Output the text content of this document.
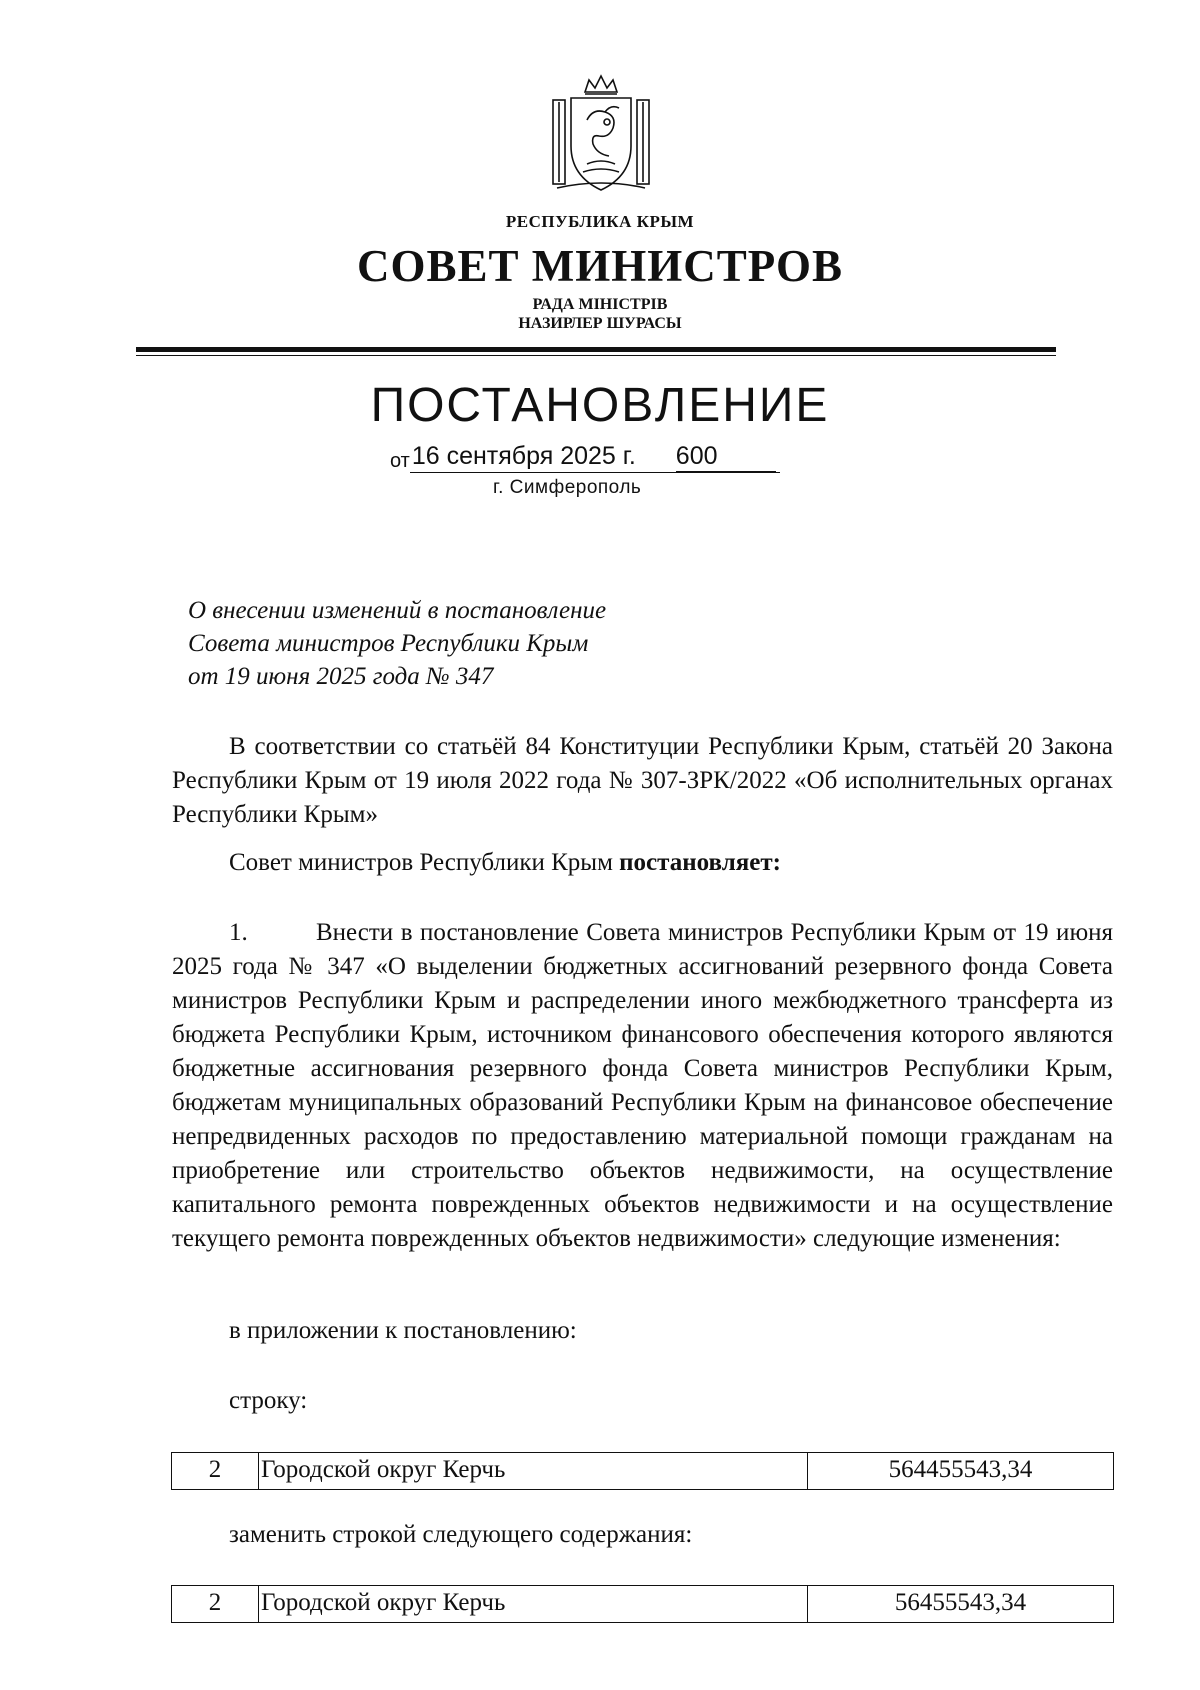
РЕСПУБЛИКА КРЫМ
СОВЕТ МИНИСТРОВ
РАДА МІНІСТРІВ
НАЗИРЛЕР ШУРАСЫ
ПОСТАНОВЛЕНИЕ
от16 сентября 2025 г. 600
г. Симферополь
О внесении изменений в постановление
Совета министров Республики Крым
от 19 июня 2025 года № 347

В соответствии со статьёй 84 Конституции Республики Крым, статьёй 20 Закона Республики Крым от 19 июля 2022 года № 307-ЗРК/2022 «Об исполнительных органах Республики Крым»

Совет министров Республики Крым постановляет:

1.	Внести в постановление Совета министров Республики Крым от 19 июня 2025 года № 347 «О выделении бюджетных ассигнований резервного фонда Совета министров Республики Крым и распределении иного межбюджетного трансферта из бюджета Республики Крым, источником финансового обеспечения которого являются бюджетные ассигнования резервного фонда Совета министров Республики Крым, бюджетам муниципальных образований Республики Крым на финансовое обеспечение непредвиденных расходов по предоставлению материальной помощи гражданам на приобретение или строительство объектов недвижимости, на осуществление капитального ремонта поврежденных объектов недвижимости и на осуществление текущего ремонта поврежденных объектов недвижимости» следующие изменения:

в приложении к постановлению:

строку:

2	Городской округ Керчь	564455543,34

заменить строкой следующего содержания:

2	Городской округ Керчь	56455543,34
